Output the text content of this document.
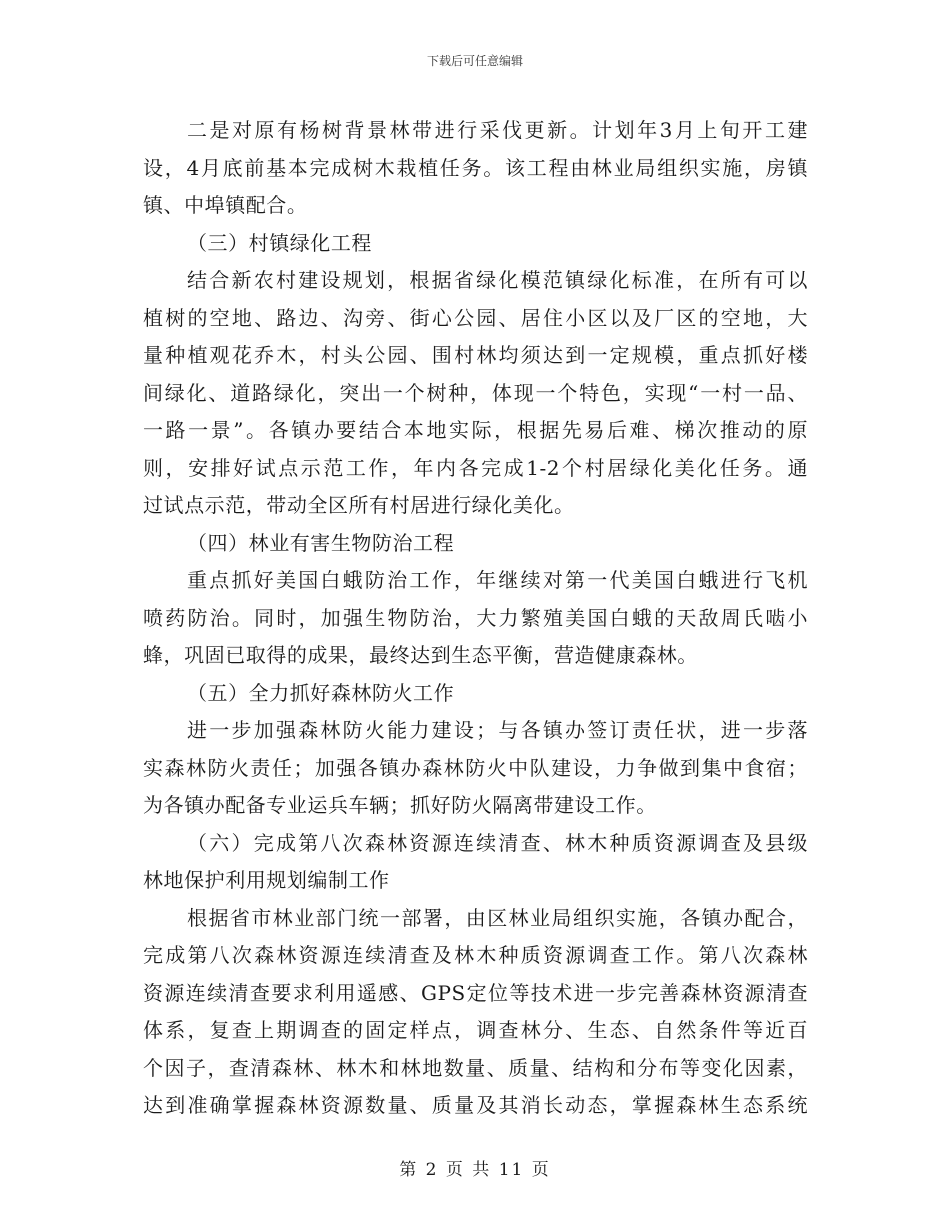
下载后可任意编辑
二是对原有杨树背景林带进行采伐更新。计划年3月上旬开工建
设，4月底前基本完成树木栽植任务。该工程由林业局组织实施，房镇
镇、中埠镇配合。
（三）村镇绿化工程
结合新农村建设规划，根据省绿化模范镇绿化标准，在所有可以
植树的空地、路边、沟旁、街心公园、居住小区以及厂区的空地，大
量种植观花乔木，村头公园、围村林均须达到一定规模，重点抓好楼
间绿化、道路绿化，突出一个树种，体现一个特色，实现“一村一品、
一路一景”。各镇办要结合本地实际，根据先易后难、梯次推动的原
则，安排好试点示范工作，年内各完成1-2个村居绿化美化任务。通
过试点示范，带动全区所有村居进行绿化美化。
（四）林业有害生物防治工程
重点抓好美国白蛾防治工作，年继续对第一代美国白蛾进行飞机
喷药防治。同时，加强生物防治，大力繁殖美国白蛾的天敌周氏啮小
蜂，巩固已取得的成果，最终达到生态平衡，营造健康森林。
（五）全力抓好森林防火工作
进一步加强森林防火能力建设；与各镇办签订责任状，进一步落
实森林防火责任；加强各镇办森林防火中队建设，力争做到集中食宿；
为各镇办配备专业运兵车辆；抓好防火隔离带建设工作。
（六）完成第八次森林资源连续清查、林木种质资源调查及县级
林地保护利用规划编制工作
根据省市林业部门统一部署，由区林业局组织实施，各镇办配合，
完成第八次森林资源连续清查及林木种质资源调查工作。第八次森林
资源连续清查要求利用遥感、GPS定位等技术进一步完善森林资源清查
体系，复查上期调查的固定样点，调查林分、生态、自然条件等近百
个因子，查清森林、林木和林地数量、质量、结构和分布等变化因素，
达到准确掌握森林资源数量、质量及其消长动态，掌握森林生态系统
第 2 页 共 11 页
